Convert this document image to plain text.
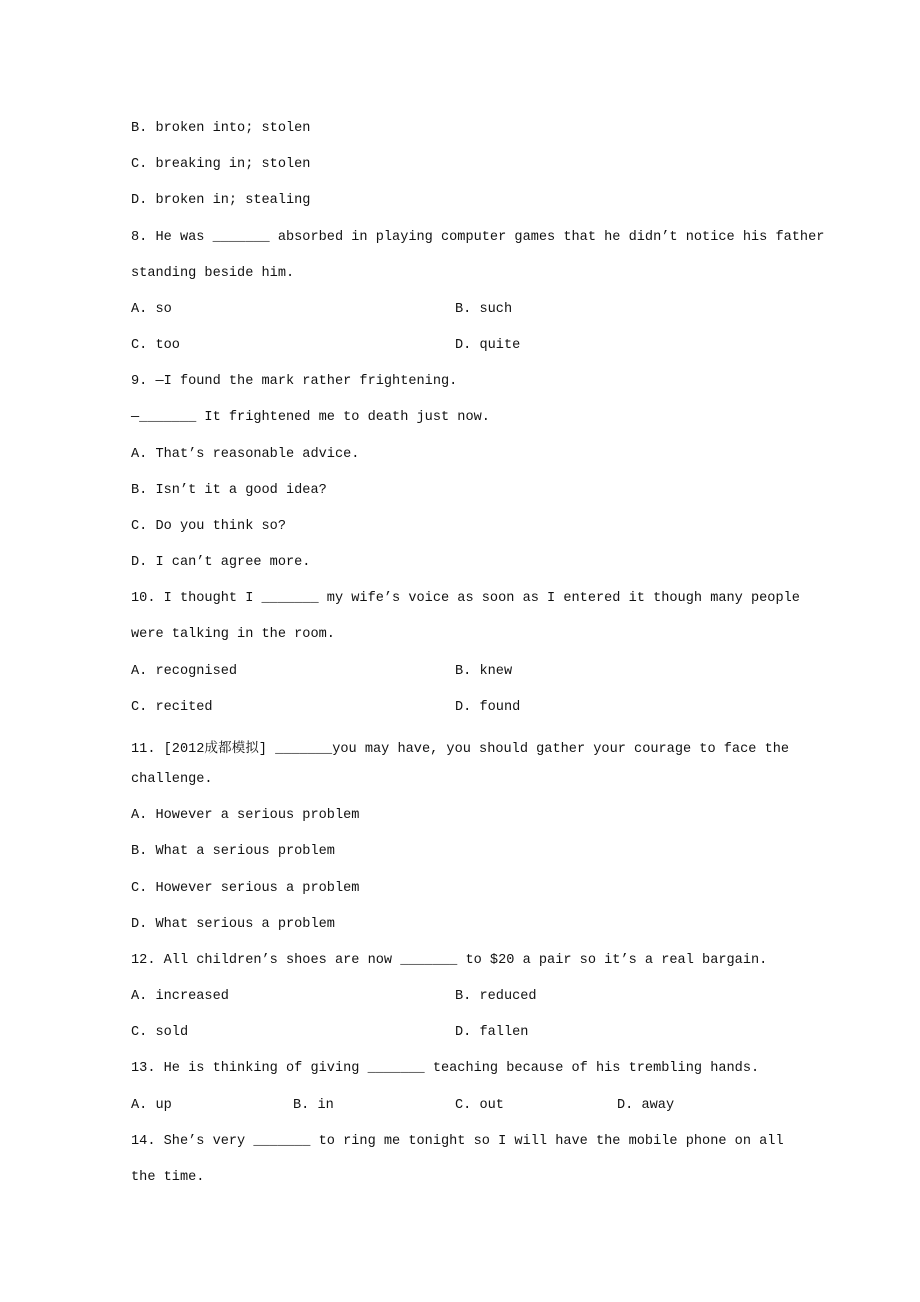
B. broken into; stolen
C. breaking in; stolen
D. broken in; stealing
8. He was _______ absorbed in playing computer games that he didn’t notice his father
standing beside him.
A. so	B. such
C. too	D. quite
9. —I found the mark rather frightening.
—_______ It frightened me to death just now.
A. That’s reasonable advice.
B. Isn’t it a good idea?
C. Do you think so?
D. I can’t agree more.
10. I thought I _______ my wife’s voice as soon as I entered it though many people
were talking in the room.
A. recognised	B. knew
C. recited	D. found
11. [2012成都模拟] _______you may have, you should gather your courage to face the
challenge.
A. However a serious problem
B. What a serious problem
C. However serious a problem
D. What serious a problem
12. All children’s shoes are now _______ to $20 a pair so it’s a real bargain.
A. increased	B. reduced
C. sold	D. fallen
13. He is thinking of giving _______ teaching because of his trembling hands.
A. up	B. in	C. out	D. away
14. She’s very _______ to ring me tonight so I will have the mobile phone on all
the time.
